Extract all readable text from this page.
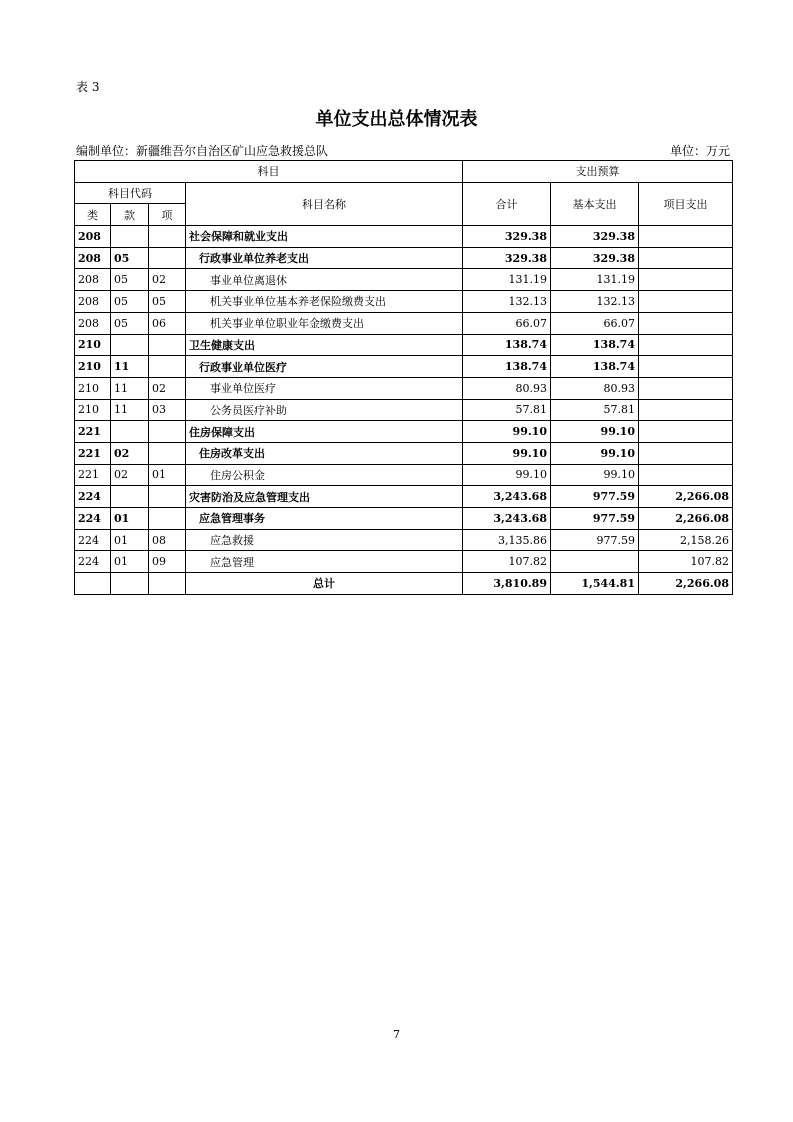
表 3
单位支出总体情况表
编制单位：新疆维吾尔自治区矿山应急救援总队	单位：万元
科目				支出预算		
科目代码			科目名称	合计	基本支出	项目支出
类	款	项				
208			社会保障和就业支出	329.38	329.38	
208	05		行政事业单位养老支出	329.38	329.38	
208	05	02	事业单位离退休	131.19	131.19	
208	05	05	机关事业单位基本养老保险缴费支出	132.13	132.13	
208	05	06	机关事业单位职业年金缴费支出	66.07	66.07	
210			卫生健康支出	138.74	138.74	
210	11		行政事业单位医疗	138.74	138.74	
210	11	02	事业单位医疗	80.93	80.93	
210	11	03	公务员医疗补助	57.81	57.81	
221			住房保障支出	99.10	99.10	
221	02		住房改革支出	99.10	99.10	
221	02	01	住房公积金	99.10	99.10	
224			灾害防治及应急管理支出	3,243.68	977.59	2,266.08
224	01		应急管理事务	3,243.68	977.59	2,266.08
224	01	08	应急救援	3,135.86	977.59	2,158.26
224	01	09	应急管理	107.82		107.82
			总计	3,810.89	1,544.81	2,266.08
7
